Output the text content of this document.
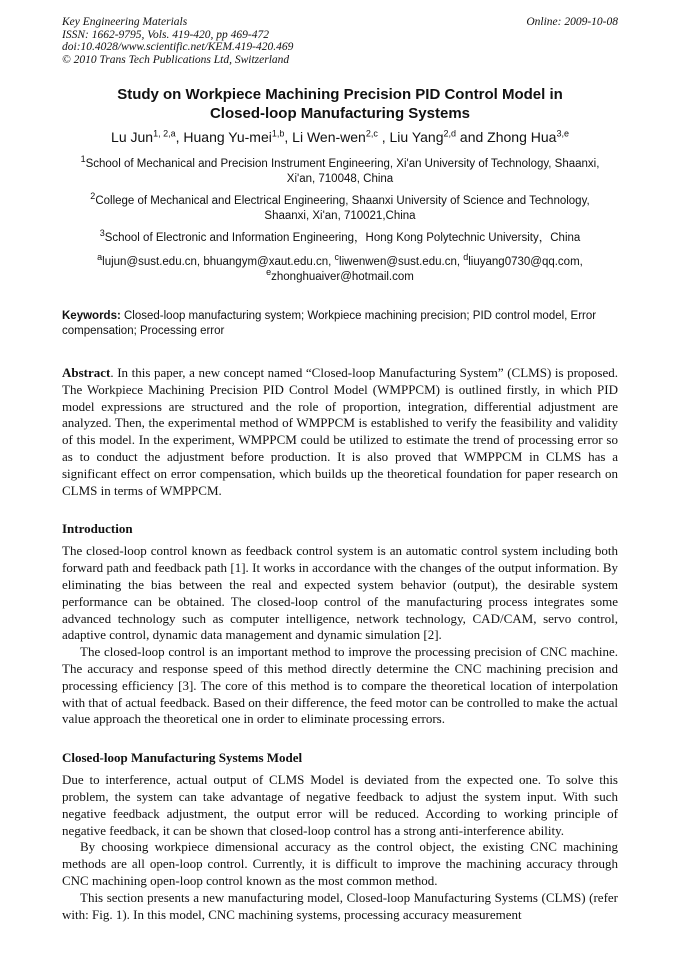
Key Engineering Materials
ISSN: 1662-9795, Vols. 419-420, pp 469-472
doi:10.4028/www.scientific.net/KEM.419-420.469
© 2010 Trans Tech Publications Ltd, Switzerland
Online: 2009-10-08
Study on Workpiece Machining Precision PID Control Model in Closed-loop Manufacturing Systems
Lu Jun$^{1, 2,a}$, Huang Yu-mei$^{1,b}$, Li Wen-wen$^{2,c}$ , Liu Yang$^{2,d}$ and Zhong Hua$^{3,e}$
$^1$School of Mechanical and Precision Instrument Engineering, Xi'an University of Technology, Shaanxi, Xi'an, 710048, China
$^2$College of Mechanical and Electrical Engineering, Shaanxi University of Science and Technology, Shaanxi, Xi'an, 710021,China
$^3$School of Electronic and Information Engineering，Hong Kong Polytechnic University，China
$^a$lujun@sust.edu.cn, bhuangym@xaut.edu.cn, $^c$liwenwen@sust.edu.cn, $^d$liuyang0730@qq.com, $^e$zhonghuaiver@hotmail.com

Keywords: Closed-loop manufacturing system; Workpiece machining precision; PID control model, Error compensation; Processing error

Abstract. In this paper, a new concept named “Closed-loop Manufacturing System” (CLMS) is proposed. The Workpiece Machining Precision PID Control Model (WMPPCM) is outlined firstly, in which PID model expressions are structured and the role of proportion, integration, differential adjustment are analyzed. Then, the experimental method of WMPPCM is established to verify the feasibility and validity of this model. In the experiment, WMPPCM could be utilized to estimate the trend of processing error so as to conduct the adjustment before production. It is also proved that WMPPCM in CLMS has a significant effect on error compensation, which builds up the theoretical foundation for paper research on CLMS in terms of WMPPCM.

Introduction

The closed-loop control known as feedback control system is an automatic control system including both forward path and feedback path [1]. It works in accordance with the changes of the output information. By eliminating the bias between the real and expected system behavior (output), the desirable system performance can be obtained. The closed-loop control of the manufacturing process integrates some advanced technology such as computer intelligence, network technology, CAD/CAM, servo control, adaptive control, dynamic data management and dynamic simulation [2].

The closed-loop control is an important method to improve the processing precision of CNC machine. The accuracy and response speed of this method directly determine the CNC machining precision and processing efficiency [3]. The core of this method is to compare the theoretical location of interpolation with that of actual feedback. Based on their difference, the feed motor can be controlled to make the actual value approach the theoretical one in order to eliminate processing errors.

Closed-loop Manufacturing Systems Model

Due to interference, actual output of CLMS Model is deviated from the expected one. To solve this problem, the system can take advantage of negative feedback to adjust the system input. With such negative feedback adjustment, the output error will be reduced. According to working principle of negative feedback, it can be shown that closed-loop control has a strong anti-interference ability.

By choosing workpiece dimensional accuracy as the control object, the existing CNC machining methods are all open-loop control. Currently, it is difficult to improve the machining accuracy through CNC machining open-loop control known as the most common method.

This section presents a new manufacturing model, Closed-loop Manufacturing Systems (CLMS) (refer with: Fig. 1). In this model, CNC machining systems, processing accuracy measurement
